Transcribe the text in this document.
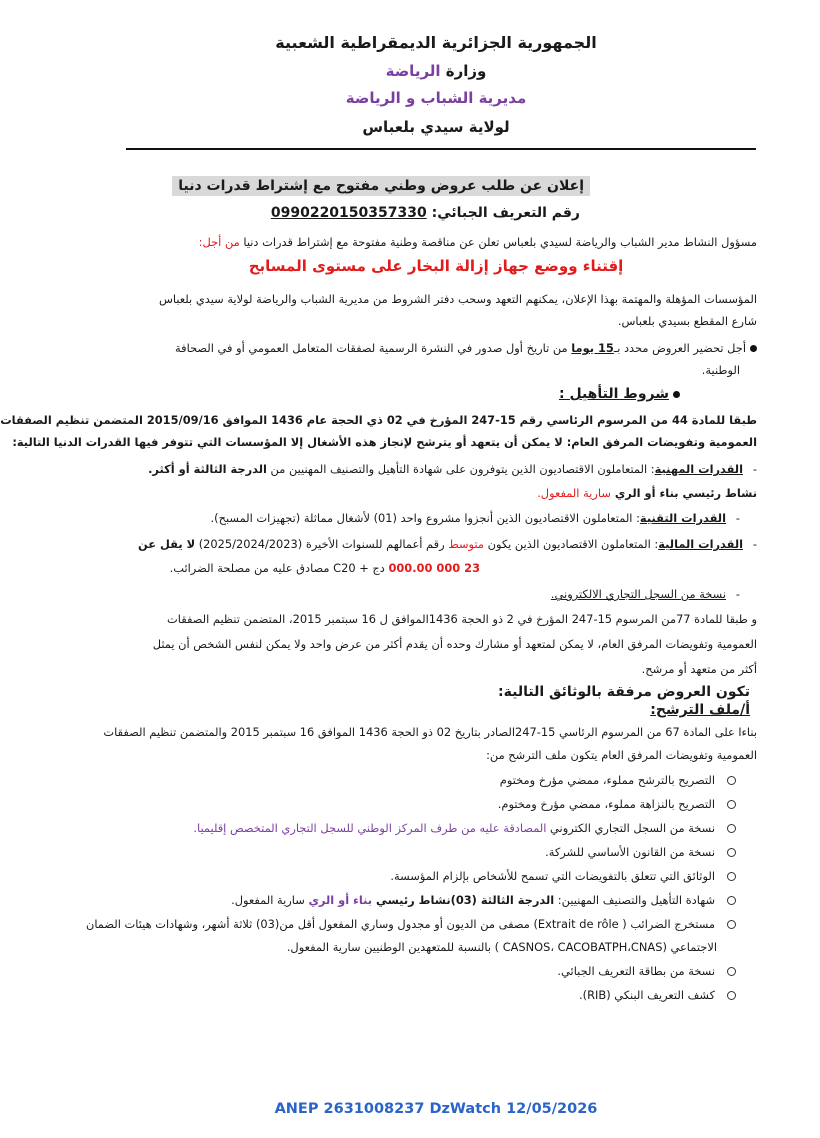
الجمهورية الجزائرية الديمقراطية الشعبية
وزارة الرياضة
مديرية الشباب و الرياضة
لولاية سيدي بلعباس
إعلان عن طلب عروض وطني مفتوح مع إشتراط قدرات دنيا
رقم التعريف الجبائي: 0990220150357330
مسؤول النشاط مدير الشباب والرياضة لسيدي بلعباس تعلن عن مناقصة وطنية مفتوحة مع إشتراط قدرات دنيا من أجل:
إقتناء ووضع جهاز إزالة البخار على مستوى المسابح
المؤسسات المؤهلة والمهتمة بهذا الإعلان، يمكنهم التعهد وسحب دفتر الشروط من مديرية الشباب والرياضة لولاية سيدي بلعباس
شارع المقطع بسيدي بلعباس.
أجل تحضير العروض محدد بـ15 يوما من تاريخ أول صدور في النشرة الرسمية لصفقات المتعامل العمومي أو في الصحافة
الوطنية.
شروط التأهيل :
طبقا للمادة 44 من المرسوم الرئاسي رقم 15-247 المؤرخ في 02 ذي الحجة عام 1436 الموافق 2015/09/16 المتضمن تنظيم الصفقات
العمومية وتفويضات المرفق العام: لا يمكن أن يتعهد أو يترشح لإنجاز هذه الأشغال إلا المؤسسات التي تتوفر فيها القدرات الدنيا التالية:
-القدرات المهنية: المتعاملون الاقتصاديون الذين يتوفرون على شهادة التأهيل والتصنيف المهنيين من الدرجة الثالثة أو أكثر.
نشاط رئيسي بناء أو الري سارية المفعول.
-القدرات التقنية: المتعاملون الاقتصاديون الذين أنجزوا مشروع واحد (01) لأشغال مماثلة (تجهيزات المسبح).
-القدرات المالية: المتعاملون الاقتصاديون الذين يكون متوسط رقم أعمالهم للسنوات الأخيرة (2025/2024/2023) لا يقل عن
23 000 000.00 دج + C20 مصادق عليه من مصلحة الضرائب.
-نسخة من السجل التجاري الالكتروني.
و طبقا للمادة 77من المرسوم 15-247 المؤرخ في 2 ذو الحجة 1436الموافق ل 16 سبتمبر 2015، المتضمن تنظيم الصفقات
العمومية وتفويضات المرفق العام، لا يمكن لمتعهد أو مشارك وحده أن يقدم أكثر من عرض واحد ولا يمكن لنفس الشخص أن يمثل
أكثر من متعهد أو مرشح.
تكون العروض مرفقة بالوثائق التالية:
أ/ملف الترشح:
بناءا على المادة 67 من المرسوم الرئاسي 15-247الصادر بتاريخ 02 ذو الحجة 1436 الموافق 16 سبتمبر 2015 والمتضمن تنظيم الصفقات
العمومية وتفويضات المرفق العام يتكون ملف الترشح من:
التصريح بالترشح مملوء، ممضي مؤرخ ومختوم
التصريح بالنزاهة مملوء، ممضي مؤرخ ومختوم.
نسخة من السجل التجاري الكتروني المصادقة عليه من طرف المركز الوطني للسجل التجاري المتخصص إقليميا.
نسخة من القانون الأساسي للشركة.
الوثائق التي تتعلق بالتفويضات التي تسمح للأشخاص بإلزام المؤسسة.
شهادة التأهيل والتصنيف المهنيين: الدرجة الثالثة (03)نشاط رئيسي بناء أو الري سارية المفعول.
مستخرج الضرائب ( Extrait de rôle) مصفى من الديون أو مجدول وساري المفعول أقل من(03) ثلاثة أشهر، وشهادات هيئات الضمان
الاجتماعي (CASNOS، CACOBATPH،CNAS ) بالنسبة للمتعهدين الوطنيين سارية المفعول.
نسخة من بطاقة التعريف الجبائي.
كشف التعريف البنكي (RIB).
ANEP 2631008237 DzWatch 12/05/2026
